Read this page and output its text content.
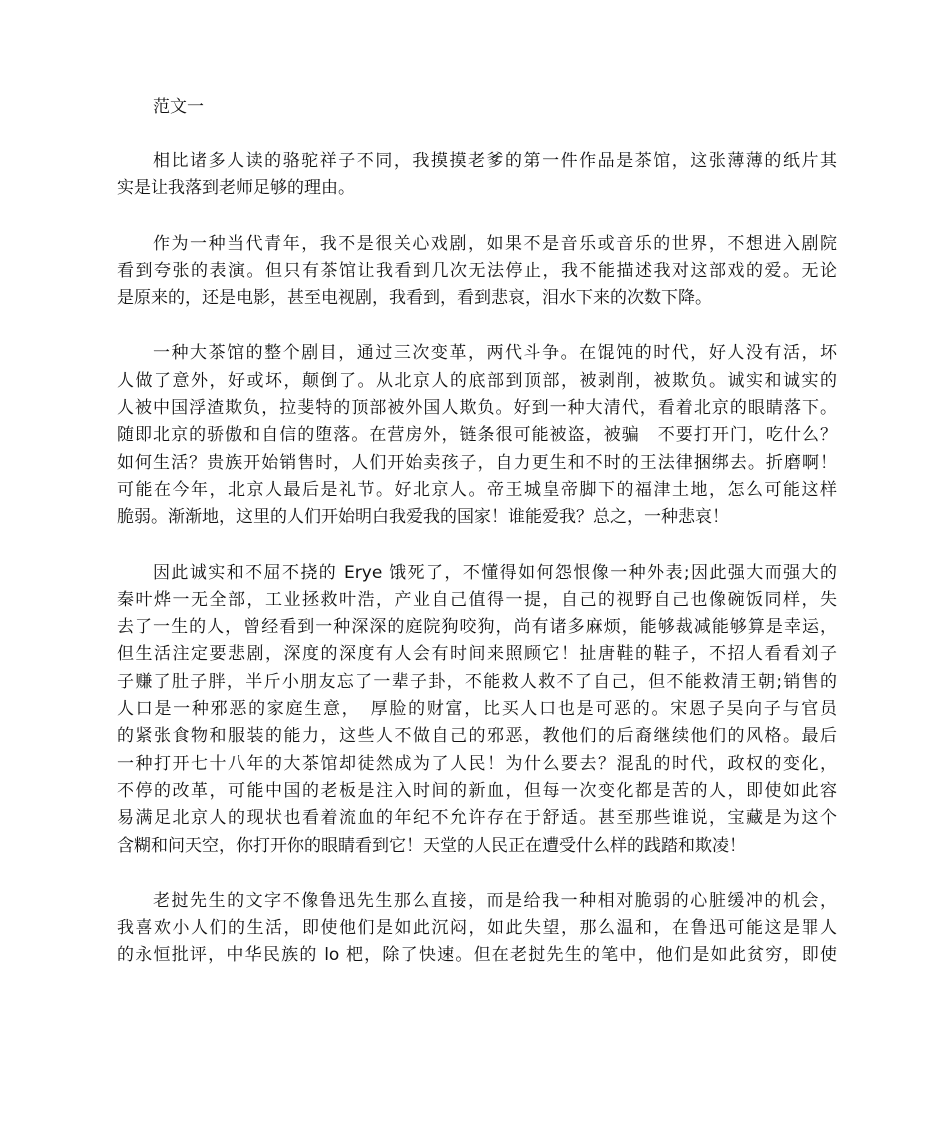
范文一
相比诸多人读的骆驼祥子不同，我摸摸老爹的第一件作品是茶馆，这张薄薄的纸片其
实是让我落到老师足够的理由。
作为一种当代青年，我不是很关心戏剧，如果不是音乐或音乐的世界，不想进入剧院
看到夸张的表演。但只有茶馆让我看到几次无法停止，我不能描述我对这部戏的爱。无论
是原来的，还是电影，甚至电视剧，我看到，看到悲哀，泪水下来的次数下降。
一种大茶馆的整个剧目，通过三次变革，两代斗争。在馄饨的时代，好人没有活，坏
人做了意外，好或坏，颠倒了。从北京人的底部到顶部，被剥削，被欺负。诚实和诚实的
人被中国浮渣欺负，拉斐特的顶部被外国人欺负。好到一种大清代，看着北京的眼睛落下。
随即北京的骄傲和自信的堕落。在营房外，链条很可能被盗，被骗　不要打开门，吃什么？
如何生活？贵族开始销售时，人们开始卖孩子，自力更生和不时的王法律捆绑去。折磨啊！
可能在今年，北京人最后是礼节。好北京人。帝王城皇帝脚下的福津土地，怎么可能这样
脆弱。渐渐地，这里的人们开始明白我爱我的国家！谁能爱我？总之，一种悲哀！
因此诚实和不屈不挠的 Erye 饿死了，不懂得如何怨恨像一种外表;因此强大而强大的
秦叶烨一无全部，工业拯救叶浩，产业自己值得一提，自己的视野自己也像碗饭同样，失
去了一生的人，曾经看到一种深深的庭院狗咬狗，尚有诸多麻烦，能够裁减能够算是幸运，
但生活注定要悲剧，深度的深度有人会有时间来照顾它！扯唐鞋的鞋子，不招人看看刘子
子赚了肚子胖，半斤小朋友忘了一辈子卦，不能救人救不了自己，但不能救清王朝;销售的
人口是一种邪恶的家庭生意，　厚脸的财富，比买人口也是可恶的。宋恩子吴向子与官员
的紧张食物和服装的能力，这些人不做自己的邪恶，教他们的后裔继续他们的风格。最后
一种打开七十八年的大茶馆却徒然成为了人民！为什么要去？混乱的时代，政权的变化，
不停的改革，可能中国的老板是注入时间的新血，但每一次变化都是苦的人，即使如此容
易满足北京人的现状也看着流血的年纪不允许存在于舒适。甚至那些谁说，宝藏是为这个
含糊和问天空，你打开你的眼睛看到它！天堂的人民正在遭受什么样的践踏和欺凌！
老挝先生的文字不像鲁迅先生那么直接，而是给我一种相对脆弱的心脏缓冲的机会，
我喜欢小人们的生活，即使他们是如此沉闷，如此失望，那么温和，在鲁迅可能这是罪人
的永恒批评，中华民族的 lo 杷，除了快速。但在老挝先生的笔中，他们是如此贫穷，即使
